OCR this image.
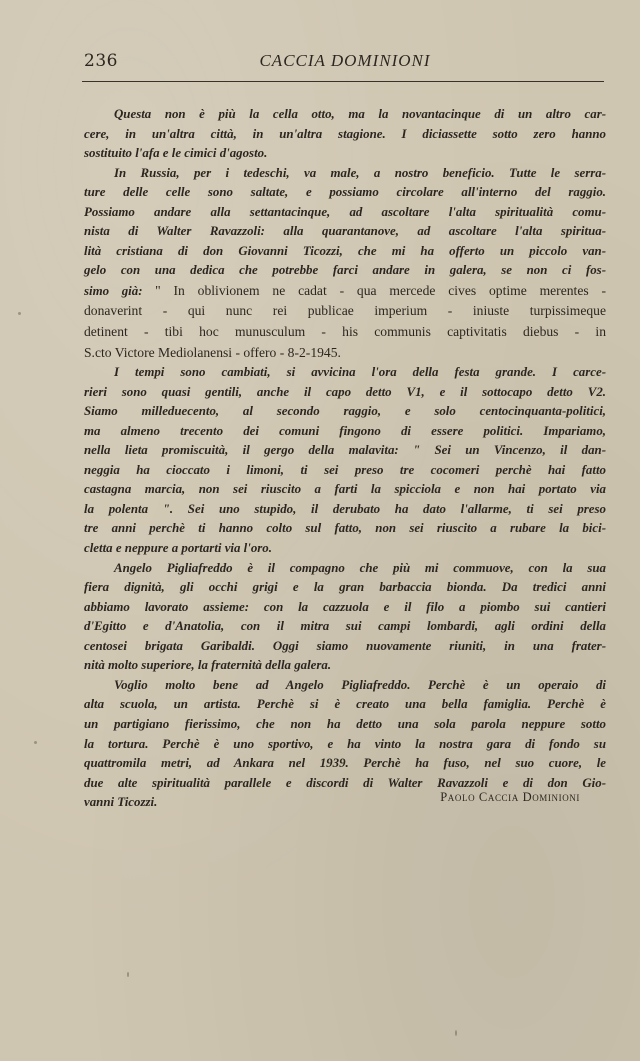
236	CACCIA DOMINIONI
Questa non è più la cella otto, ma la novantacinque di un altro car-
cere, in un'altra città, in un'altra stagione. I diciassette sotto zero hanno
sostituito l'afa e le cimici d'agosto.
In Russia, per i tedeschi, va male, a nostro beneficio. Tutte le serra-
ture delle celle sono saltate, e possiamo circolare all'interno del raggio.
Possiamo andare alla settantacinque, ad ascoltare l'alta spiritualità comu-
nista di Walter Ravazzoli: alla quarantanove, ad ascoltare l'alta spiritua-
lità cristiana di don Giovanni Ticozzi, che mi ha offerto un piccolo van-
gelo con una dedica che potrebbe farci andare in galera, se non ci fos-
simo già: " In oblivionem ne cadat - qua mercede cives optime merentes -
donaverint - qui nunc rei publicae imperium - iniuste turpissimeque
detinent - tibi hoc munusculum - his communis captivitatis diebus - in
S.cto Victore Mediolanensi - offero - 8-2-1945.
I tempi sono cambiati, si avvicina l'ora della festa grande. I carce-
rieri sono quasi gentili, anche il capo detto V1, e il sottocapo detto V2.
Siamo milleduecento, al secondo raggio, e solo centocinquanta-politici,
ma almeno trecento dei comuni fingono di essere politici. Impariamo,
nella lieta promiscuità, il gergo della malavita: " Sei un Vincenzo, il dan-
neggia ha cioccato i limoni, ti sei preso tre cocomeri perchè hai fatto
castagna marcia, non sei riuscito a farti la spicciola e non hai portato via
la polenta ". Sei uno stupido, il derubato ha dato l'allarme, ti sei preso
tre anni perchè ti hanno colto sul fatto, non sei riuscito a rubare la bici-
cletta e neppure a portarti via l'oro.
Angelo Pigliafreddo è il compagno che più mi commuove, con la sua
fiera dignità, gli occhi grigi e la gran barbaccia bionda. Da tredici anni
abbiamo lavorato assieme: con la cazzuola e il filo a piombo sui cantieri
d'Egitto e d'Anatolia, con il mitra sui campi lombardi, agli ordini della
centosei brigata Garibaldi. Oggi siamo nuovamente riuniti, in una frater-
nità molto superiore, la fraternità della galera.
Voglio molto bene ad Angelo Pigliafreddo. Perchè è un operaio di
alta scuola, un artista. Perchè si è creato una bella famiglia. Perchè è
un partigiano fierissimo, che non ha detto una sola parola neppure sotto
la tortura. Perchè è uno sportivo, e ha vinto la nostra gara di fondo su
quattromila metri, ad Ankara nel 1939. Perchè ha fuso, nel suo cuore, le
due alte spiritualità parallele e discordi di Walter Ravazzoli e di don Gio-
vanni Ticozzi.	Paolo Caccia Dominioni
